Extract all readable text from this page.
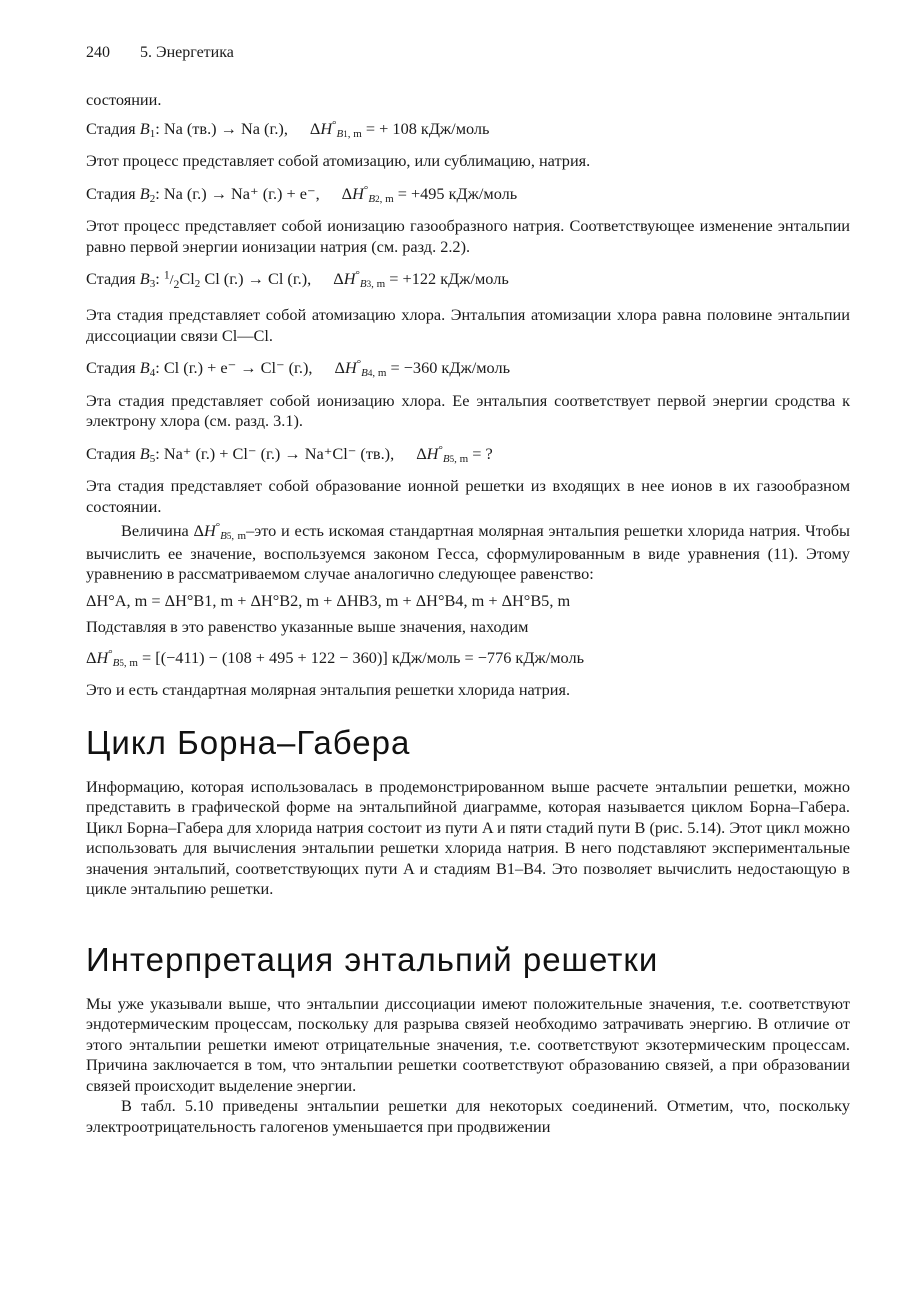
240 5. Энергетика

состоянии.

Стадия B1: Na (тв.) → Na (г.), ΔH°B1, m = + 108 кДж/моль

Этот процесс представляет собой атомизацию, или сублимацию, натрия.

Стадия B2: Na (г.) → Na⁺ (г.) + e⁻, ΔH°B2, m = +495 кДж/моль

Этот процесс представляет собой ионизацию газообразного натрия. Соответствующее изменение энтальпии равно первой энергии ионизации натрия (см. разд. 2.2).

Стадия B3: $^1/_2Cl2$ Cl (г.) → Cl (г.), ΔH°B3, m = +122 кДж/моль

Эта стадия представляет собой атомизацию хлора. Энтальпия атомизации хлора равна половине энтальпии диссоциации связи Cl—Cl.

Стадия B4: Cl (г.) + e⁻ → Cl⁻ (г.), ΔH°B4, m = −360 кДж/моль

Эта стадия представляет собой ионизацию хлора. Ее энтальпия соответствует первой энергии сродства к электрону хлора (см. разд. 3.1).

Стадия B5: Na⁺ (г.) + Cl⁻ (г.) → Na⁺Cl⁻ (тв.), ΔH°B5, m = ?

Эта стадия представляет собой образование ионной решетки из входящих в нее ионов в их газообразном состоянии.

Величина ΔH°B5, m–это и есть искомая стандартная молярная энтальпия решетки хлорида натрия. Чтобы вычислить ее значение, воспользуемся законом Гесса, сформулированным в виде уравнения (11). Этому уравнению в рассматриваемом случае аналогично следующее равенство:

ΔH°A, m = ΔH°B1, m + ΔH°B2, m + ΔHB3, m + ΔH°B4, m + ΔH°B5, m

Подставляя в это равенство указанные выше значения, находим

ΔH°B5, m = [(−411) − (108 + 495 + 122 − 360)] кДж/моль = −776 кДж/моль

Это и есть стандартная молярная энтальпия решетки хлорида натрия.

Цикл Борна–Габера

Информацию, которая использовалась в продемонстрированном выше расчете энтальпии решетки, можно представить в графической форме на энтальпийной диаграмме, которая называется циклом Борна–Габера. Цикл Борна–Габера для хлорида натрия состоит из пути A и пяти стадий пути B (рис. 5.14). Этот цикл можно использовать для вычисления энтальпии решетки хлорида натрия. В него подставляют экспериментальные значения энтальпий, соответствующих пути A и стадиям B1–B4. Это позволяет вычислить недостающую в цикле энтальпию решетки.

Интерпретация энтальпий решетки

Мы уже указывали выше, что энтальпии диссоциации имеют положительные значения, т.е. соответствуют эндотермическим процессам, поскольку для разрыва связей необходимо затрачивать энергию. В отличие от этого энтальпии решетки имеют отрицательные значения, т.е. соответствуют экзотермическим процессам. Причина заключается в том, что энтальпии решетки соответствуют образованию связей, а при образовании связей происходит выделение энергии.

В табл. 5.10 приведены энтальпии решетки для некоторых соединений. Отметим, что, поскольку электроотрицательность галогенов уменьшается при продвижении
